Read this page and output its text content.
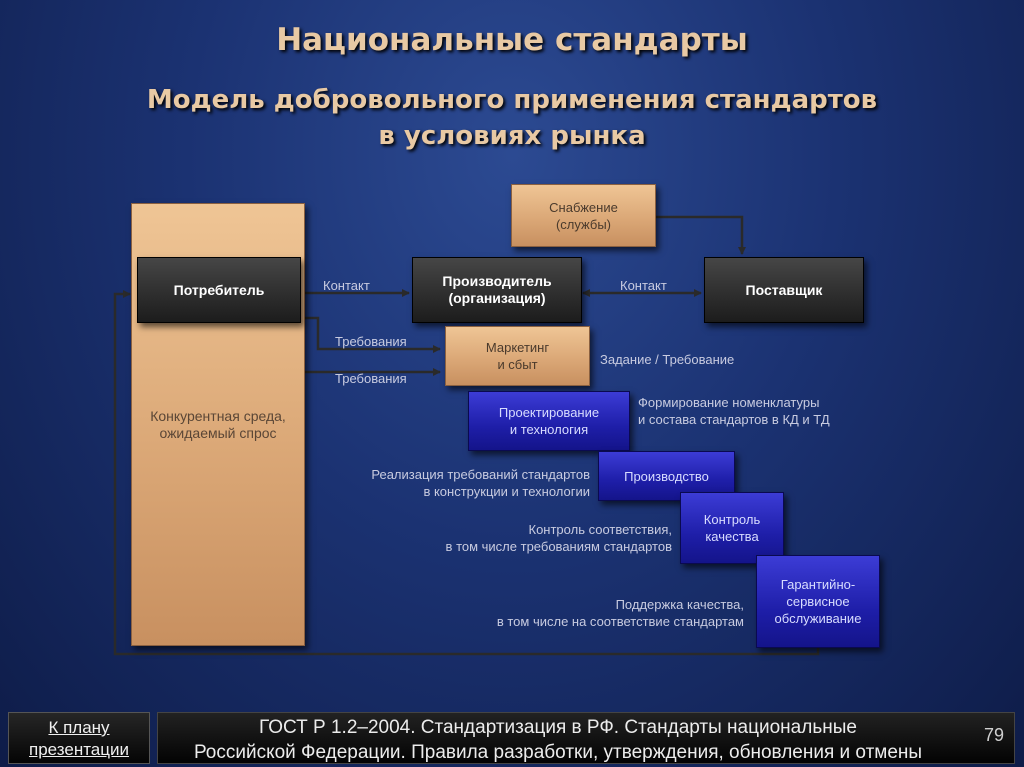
Национальные стандарты
Модель добровольного применения стандартов
в условиях рынка
Конкурентная среда,
ожидаемый спрос
Снабжение
(службы)
Потребитель
Производитель
(организация)
Поставщик
Маркетинг
и сбыт
Проектирование
и технология
Производство
Контроль
качества
Гарантийно-
сервисное
обслуживание
Контакт	Контакт
Требования
Требования
Задание / Требование
Формирование номенклатуры
и состава стандартов в КД и ТД
Реализация требований стандартов
в конструкции и технологии
Контроль соответствия,
в том числе требованиям стандартов
Поддержка качества,
в том числе на соответствие стандартам
К плану
презентации
ГОСТ Р 1.2–2004. Стандартизация в РФ. Стандарты национальные
Российской Федерации. Правила разработки, утверждения, обновления и отмены
79
